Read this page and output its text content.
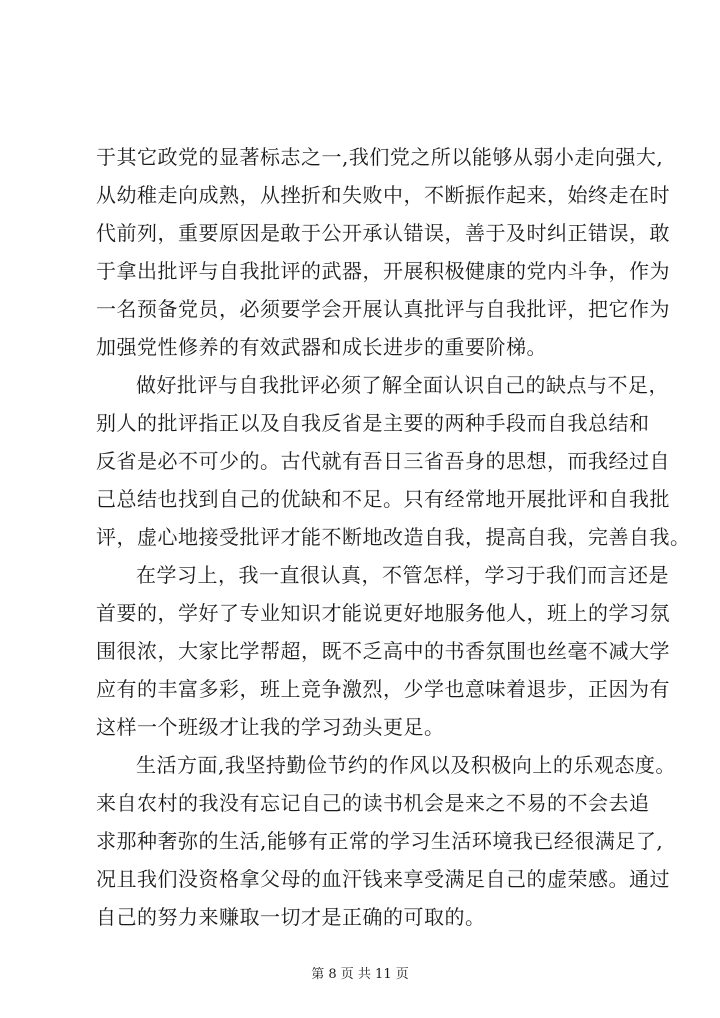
于其它政党的显著标志之一,我们党之所以能够从弱小走向强大,
从幼稚走向成熟，从挫折和失败中，不断振作起来，始终走在时
代前列，重要原因是敢于公开承认错误，善于及时纠正错误，敢
于拿出批评与自我批评的武器，开展积极健康的党内斗争，作为
一名预备党员，必须要学会开展认真批评与自我批评，把它作为
加强党性修养的有效武器和成长进步的重要阶梯。
做好批评与自我批评必须了解全面认识自己的缺点与不足，
别人的批评指正以及自我反省是主要的两种手段而自我总结和
反省是必不可少的。古代就有吾日三省吾身的思想，而我经过自
己总结也找到自己的优缺和不足。只有经常地开展批评和自我批
评，虚心地接受批评才能不断地改造自我，提高自我，完善自我。
在学习上，我一直很认真，不管怎样，学习于我们而言还是
首要的，学好了专业知识才能说更好地服务他人，班上的学习氛
围很浓，大家比学帮超，既不乏高中的书香氛围也丝毫不减大学
应有的丰富多彩，班上竞争激烈，少学也意味着退步，正因为有
这样一个班级才让我的学习劲头更足。
生活方面,我坚持勤俭节约的作风以及积极向上的乐观态度。
来自农村的我没有忘记自己的读书机会是来之不易的不会去追
求那种奢弥的生活,能够有正常的学习生活环境我已经很满足了,
况且我们没资格拿父母的血汗钱来享受满足自己的虚荣感。通过
自己的努力来赚取一切才是正确的可取的。
第 8 页 共 11 页
